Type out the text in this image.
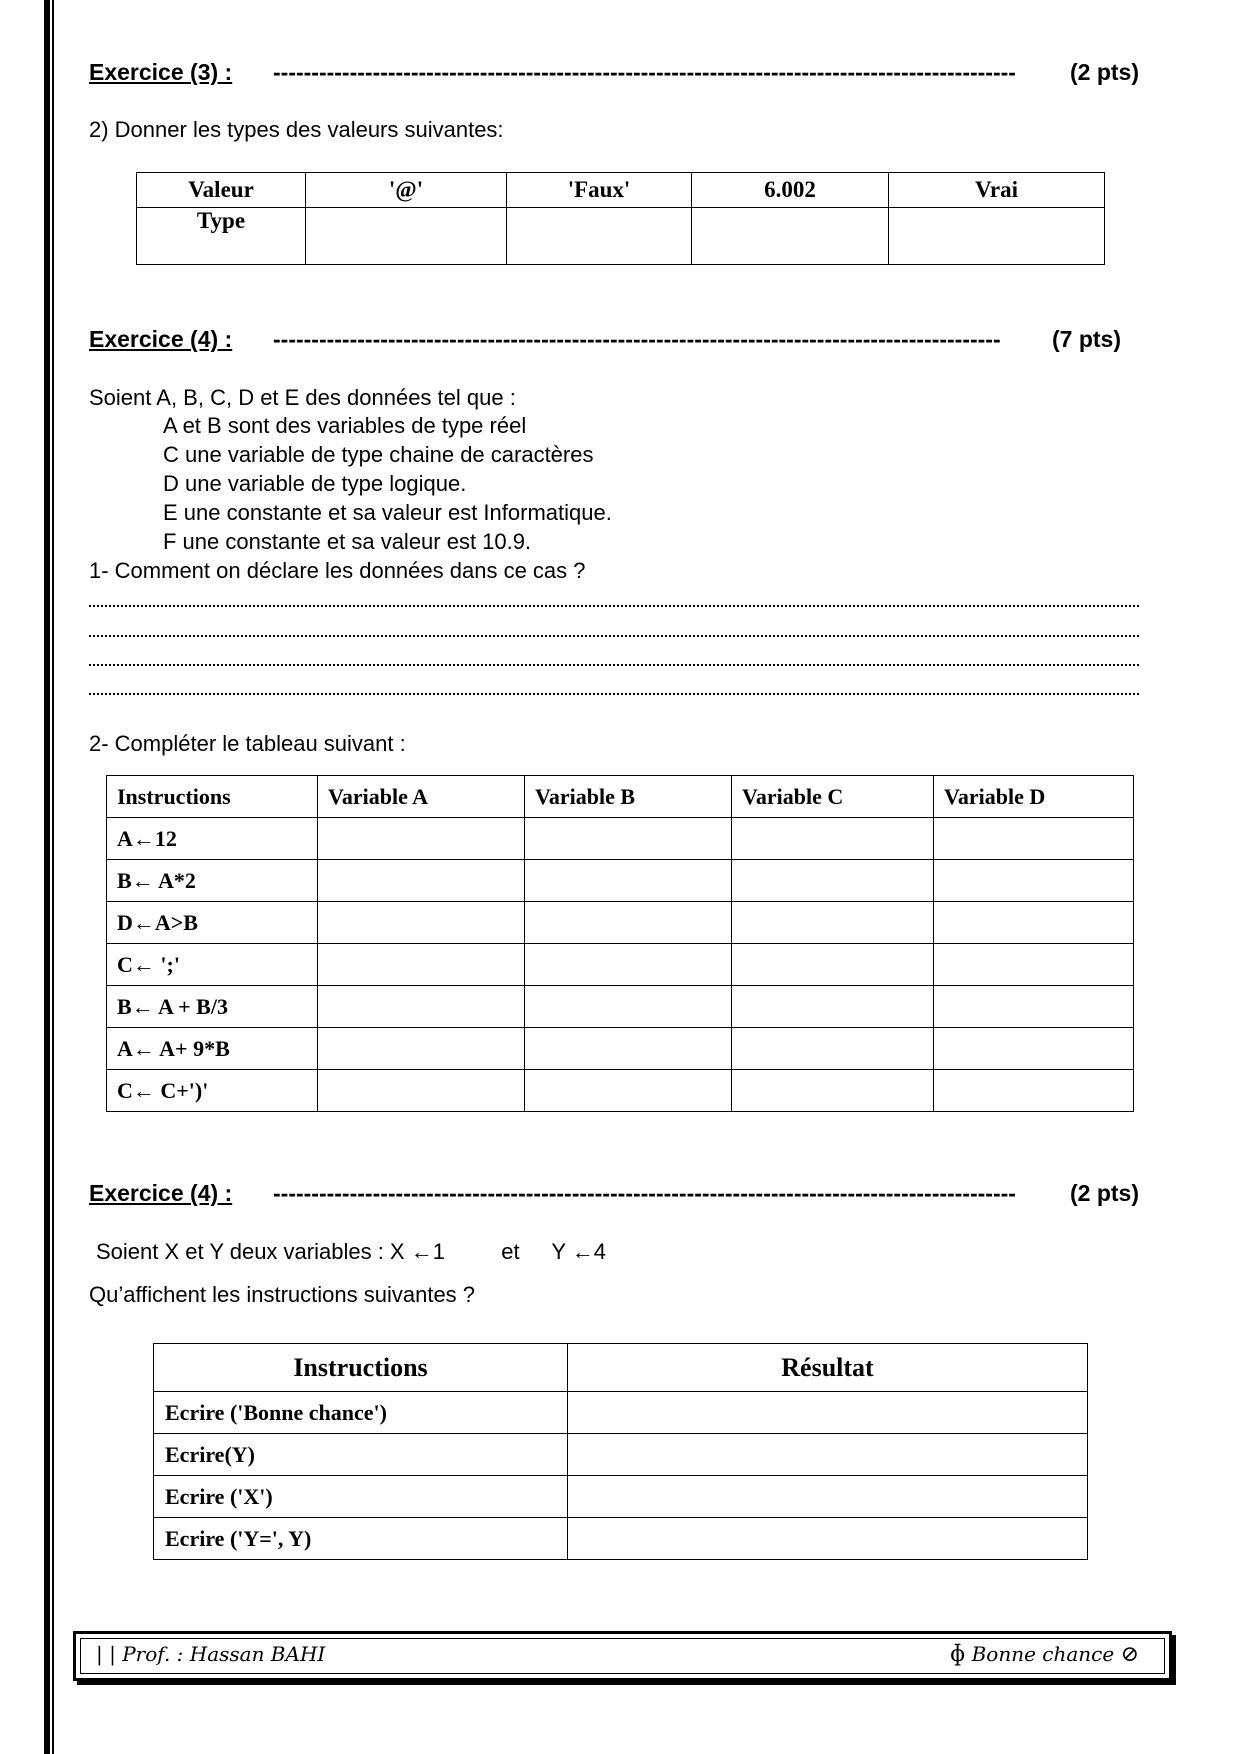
Exercice (3) : -------------------------------------------------------------------------------------------------	(2 pts)
2) Donner les types des valeurs suivantes:
Valeur	'@'	'Faux'	6.002	Vrai
Type				
Exercice (4) : -----------------------------------------------------------------------------------------------	(7 pts)
Soient A, B, C, D et E des données tel que :
A et B sont des variables de type réel
C une variable de type chaine de caractères
D une variable de type logique.
E une constante et sa valeur est Informatique.
F une constante et sa valeur est 10.9.
1- Comment on déclare les données dans ce cas ?
2- Compléter le tableau suivant :
Instructions	Variable A	Variable B	Variable C	Variable D
A←12				
B← A*2				
D←A>B				
C← ';'				
B← A + B/3				
A← A+ 9*B				
C← C+')'				
Exercice (4) : -------------------------------------------------------------------------------------------------	(2 pts)
Soient X et Y deux variables : X ←1	et Y ←4
Qu’affichent les instructions suivantes ?
Instructions	Résultat
Ecrire ('Bonne chance')	
Ecrire(Y)	
Ecrire ('X')	
Ecrire ('Y=', Y)	
| | Prof. : Hassan BAHI	ɸ Bonne chance ⊘
